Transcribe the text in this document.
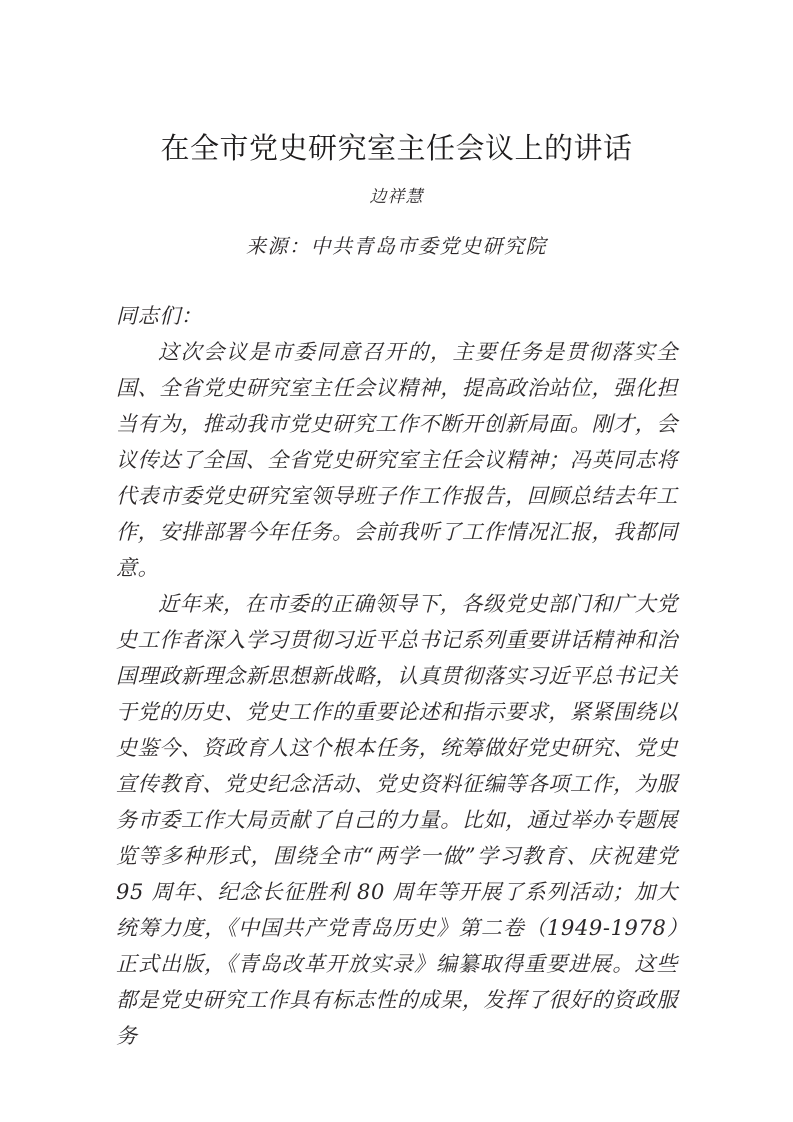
在全市党史研究室主任会议上的讲话
边祥慧
来源：中共青岛市委党史研究院

同志们：

这次会议是市委同意召开的，主要任务是贯彻落实全国、全省党史研究室主任会议精神，提高政治站位，强化担当有为，推动我市党史研究工作不断开创新局面。刚才，会议传达了全国、全省党史研究室主任会议精神；冯英同志将代表市委党史研究室领导班子作工作报告，回顾总结去年工作，安排部署今年任务。会前我听了工作情况汇报，我都同意。

近年来，在市委的正确领导下，各级党史部门和广大党史工作者深入学习贯彻习近平总书记系列重要讲话精神和治国理政新理念新思想新战略，认真贯彻落实习近平总书记关于党的历史、党史工作的重要论述和指示要求，紧紧围绕以史鉴今、资政育人这个根本任务，统筹做好党史研究、党史宣传教育、党史纪念活动、党史资料征编等各项工作，为服务市委工作大局贡献了自己的力量。比如，通过举办专题展览等多种形式，围绕全市“两学一做”学习教育、庆祝建党 95 周年、纪念长征胜利 80 周年等开展了系列活动；加大统筹力度，《中国共产党青岛历史》第二卷（1949-1978）正式出版，《青岛改革开放实录》编纂取得重要进展。这些都是党史研究工作具有标志性的成果，发挥了很好的资政服务
